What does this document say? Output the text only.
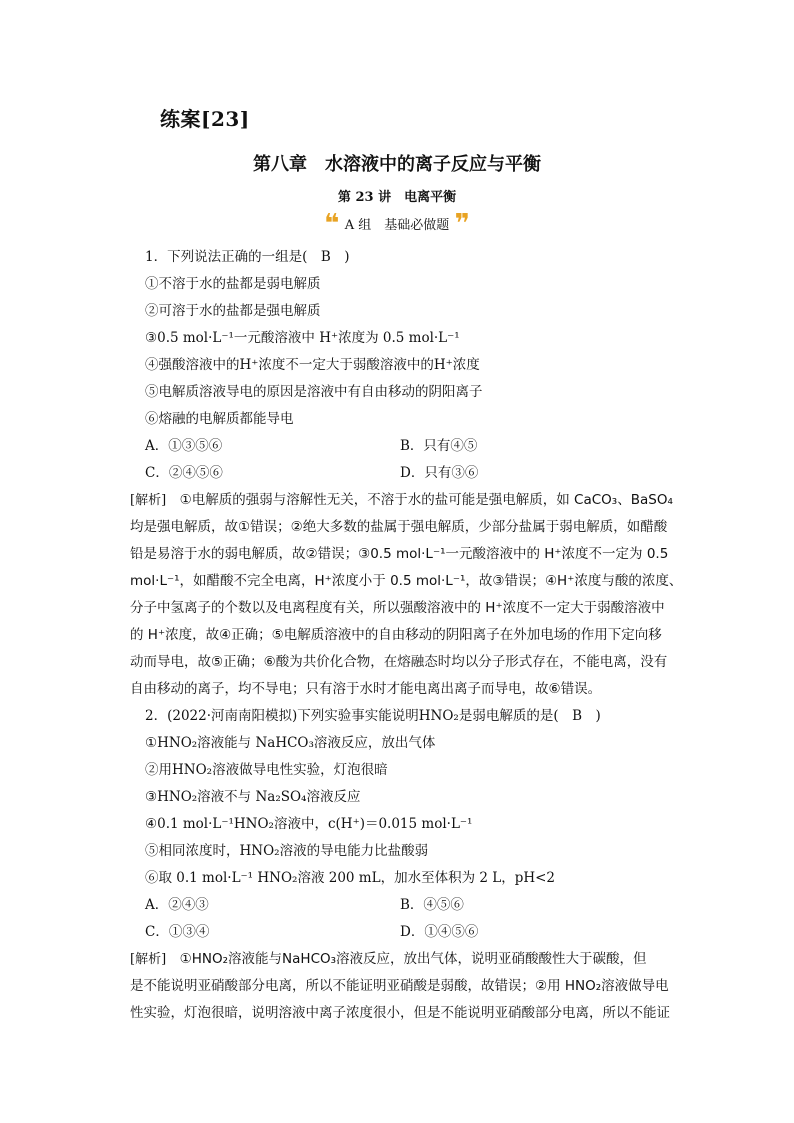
练案[23]
第八章　水溶液中的离子反应与平衡
第 23 讲　电离平衡
❝ A 组　基础必做题 ❞
1．下列说法正确的一组是(　B　)
①不溶于水的盐都是弱电解质
②可溶于水的盐都是强电解质
③0.5 mol·L⁻¹一元酸溶液中 H⁺浓度为 0.5 mol·L⁻¹
④强酸溶液中的H⁺浓度不一定大于弱酸溶液中的H⁺浓度
⑤电解质溶液导电的原因是溶液中有自由移动的阴阳离子
⑥熔融的电解质都能导电
A．①③⑤⑥	B．只有④⑤
C．②④⑤⑥	D．只有③⑥
[解析]　①电解质的强弱与溶解性无关，不溶于水的盐可能是强电解质，如 CaCO₃、BaSO₄
均是强电解质，故①错误；②绝大多数的盐属于强电解质，少部分盐属于弱电解质，如醋酸
铅是易溶于水的弱电解质，故②错误；③0.5 mol·L⁻¹一元酸溶液中的 H⁺浓度不一定为 0.5
mol·L⁻¹，如醋酸不完全电离，H⁺浓度小于 0.5 mol·L⁻¹，故③错误；④H⁺浓度与酸的浓度、
分子中氢离子的个数以及电离程度有关，所以强酸溶液中的 H⁺浓度不一定大于弱酸溶液中
的 H⁺浓度，故④正确；⑤电解质溶液中的自由移动的阴阳离子在外加电场的作用下定向移
动而导电，故⑤正确；⑥酸为共价化合物，在熔融态时均以分子形式存在，不能电离，没有
自由移动的离子，均不导电；只有溶于水时才能电离出离子而导电，故⑥错误。
2．(2022·河南南阳模拟)下列实验事实能说明HNO₂是弱电解质的是(　B　)
①HNO₂溶液能与 NaHCO₃溶液反应，放出气体
②用HNO₂溶液做导电性实验，灯泡很暗
③HNO₂溶液不与 Na₂SO₄溶液反应
④0.1 mol·L⁻¹HNO₂溶液中，c(H⁺)＝0.015 mol·L⁻¹
⑤相同浓度时，HNO₂溶液的导电能力比盐酸弱
⑥取 0.1 mol·L⁻¹ HNO₂溶液 200 mL，加水至体积为 2 L，pH<2
A．②④③	B．④⑤⑥
C．①③④	D．①④⑤⑥
[解析]　①HNO₂溶液能与NaHCO₃溶液反应，放出气体，说明亚硝酸酸性大于碳酸，但
是不能说明亚硝酸部分电离，所以不能证明亚硝酸是弱酸，故错误；②用 HNO₂溶液做导电
性实验，灯泡很暗，说明溶液中离子浓度很小，但是不能说明亚硝酸部分电离，所以不能证
